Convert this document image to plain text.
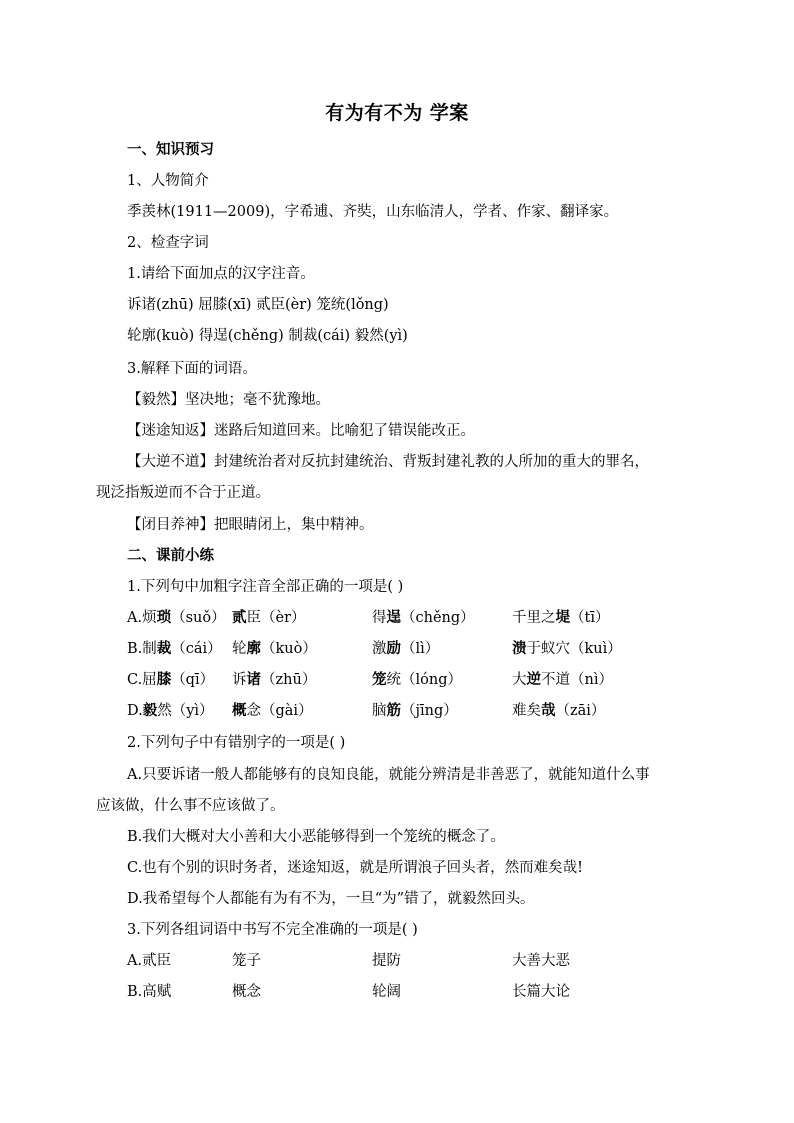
有为有不为 学案
一、知识预习
1、人物简介
季羡林(1911—2009)，字希逋、齐奘，山东临清人，学者、作家、翻译家。
2、检查字词
1.请给下面加点的汉字注音。
诉诸(zhū) 屈膝(xī) 贰臣(èr) 笼统(lǒng)
轮廓(kuò) 得逞(chěng) 制裁(cái) 毅然(yì)
3.解释下面的词语。
【毅然】坚决地；毫不犹豫地。
【迷途知返】迷路后知道回来。比喻犯了错误能改正。
【大逆不道】封建统治者对反抗封建统治、背叛封建礼教的人所加的重大的罪名，
现泛指叛逆而不合于正道。
【闭目养神】把眼睛闭上，集中精神。
二、课前小练
1.下列句中加粗字注音全部正确的一项是( )
A.烦琐（suǒ） 贰臣（èr）	得逞（chěng）	千里之堤（tī）
B.制裁（cái） 轮廓（kuò）	激励（lì）	溃于蚁穴（kuì）
C.屈膝（qī） 诉诸（zhū）	笼统（lóng）	大逆不道（nì）
D.毅然（yì） 概念（gài）	脑筋（jīng）	难矣哉（zāi）
2.下列句子中有错别字的一项是( )
A.只要诉诸一般人都能够有的良知良能，就能分辨清是非善恶了，就能知道什么事
应该做，什么事不应该做了。
B.我们大概对大小善和大小恶能够得到一个笼统的概念了。
C.也有个别的识时务者，迷途知返，就是所谓浪子回头者，然而难矣哉!
D.我希望每个人都能有为有不为，一旦“为”错了，就毅然回头。
3.下列各组词语中书写不完全准确的一项是( )
A.贰臣	笼子	提防	大善大恶
B.高赋	概念	轮阔	长篇大论
